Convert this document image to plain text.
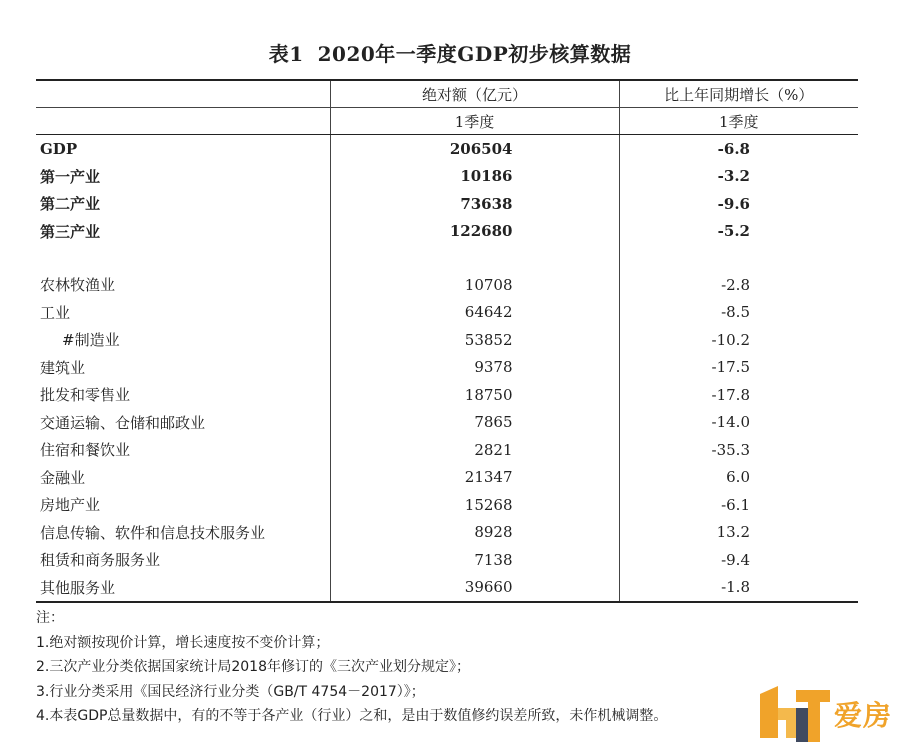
表1 2020年一季度GDP初步核算数据
	绝对额（亿元）	比上年同期增长（%）
	1季度	1季度
GDP	206504	-6.8
第一产业	10186	-3.2
第二产业	73638	-9.6
第三产业	122680	-5.2

农林牧渔业	10708	-2.8
工业	64642	-8.5
#制造业	53852	-10.2
建筑业	9378	-17.5
批发和零售业	18750	-17.8
交通运输、仓储和邮政业	7865	-14.0
住宿和餐饮业	2821	-35.3
金融业	21347	6.0
房地产业	15268	-6.1
信息传输、软件和信息技术服务业	8928	13.2
租赁和商务服务业	7138	-9.4
其他服务业	39660	-1.8
注：
1.绝对额按现价计算，增长速度按不变价计算；
2.三次产业分类依据国家统计局2018年修订的《三次产业划分规定》；
3.行业分类采用《国民经济行业分类（GB/T 4754－2017）》；
4.本表GDP总量数据中，有的不等于各产业（行业）之和，是由于数值修约误差所致，未作机械调整。	爱房
